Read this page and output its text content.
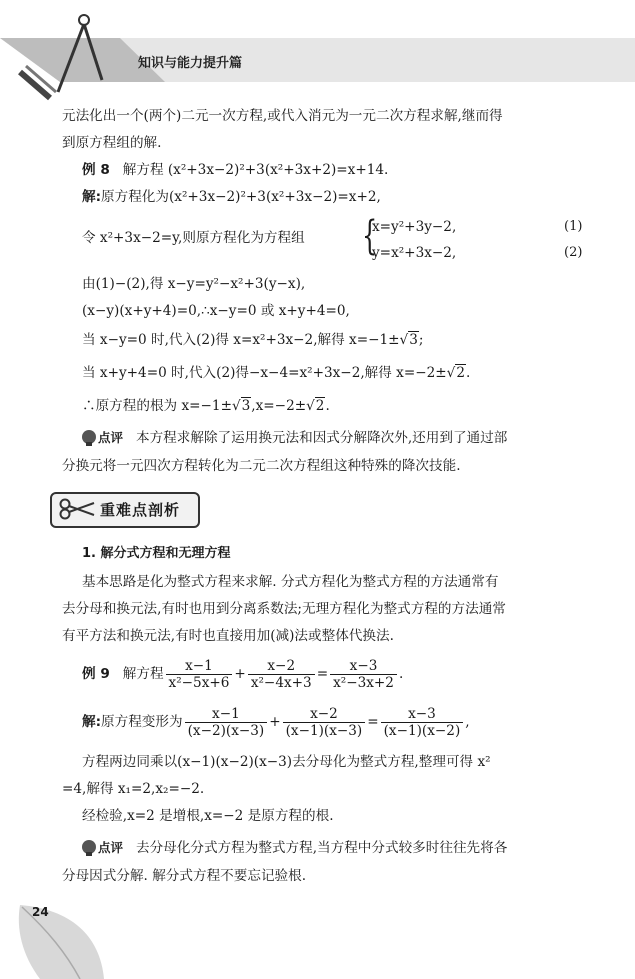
知识与能力提升篇
元法化出一个(两个)二元一次方程,或代入消元为一元二次方程求解,继而得
到原方程组的解.
例 8 解方程 (x²+3x−2)²+3(x²+3x+2)=x+14.
解:原方程化为(x²+3x−2)²+3(x²+3x−2)=x+2,
令 x²+3x−2=y,则原方程化为方程组	{
x=y²+3y−2,
y=x²+3x−2,
(1)
(2)
由(1)−(2),得 x−y=y²−x²+3(y−x),
(x−y)(x+y+4)=0,∴x−y=0 或 x+y+4=0,
当 x−y=0 时,代入(2)得 x=x²+3x−2,解得 x=−1±√3;
当 x+y+4=0 时,代入(2)得−x−4=x²+3x−2,解得 x=−2±√2.
∴原方程的根为 x=−1±√3,x=−2±√2.
点评 本方程求解除了运用换元法和因式分解降次外,还用到了通过部
分换元将一元四次方程转化为二元二次方程组这种特殊的降次技能.
重难点剖析
1. 解分式方程和无理方程
基本思路是化为整式方程来求解. 分式方程化为整式方程的方法通常有
去分母和换元法,有时也用到分离系数法;无理方程化为整式方程的方法通常
有平方法和换元法,有时也直接用加(减)法或整体代换法.
例 9 解方程 $\frac{x-1}{\text{x²−5x+6}} + \frac{x-2}{\text{x²−4x+3}} = \frac{x-3}{\text{x²−3x+2}}$ .
解:原方程变形为 $\frac{x-1}{(x-2)(x-3)} + \frac{x-2}{(x-1)(x-3)} = \frac{x-3}{(x-1)(x-2)}$ ,
方程两边同乘以(x−1)(x−2)(x−3)去分母化为整式方程,整理可得 x²
=4,解得 x₁=2,x₂=−2.
经检验,x=2 是增根,x=−2 是原方程的根.
点评 去分母化分式方程为整式方程,当方程中分式较多时往往先将各
分母因式分解. 解分式方程不要忘记验根.
24
